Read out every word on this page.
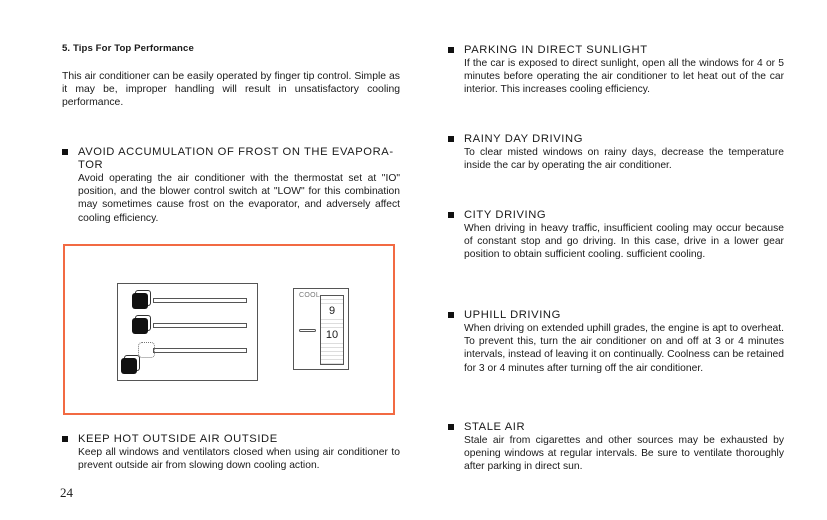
5. Tips For Top Performance
This air conditioner can be easily operated by finger tip control. Simple as it may be, improper handling will result in unsatisfactory cooling performance.
AVOID ACCUMULATION OF FROST ON THE EVAPORA-TOR
Avoid operating the air conditioner with the thermostat set at "IO" position, and the blower control switch at "LOW" for this combination may sometimes cause frost on the evaporator, and adversely affect cooling efficiency.
COOL
9
10
KEEP HOT OUTSIDE AIR OUTSIDE
Keep all windows and ventilators closed when using air conditioner to prevent outside air from slowing down cooling action.
24
PARKING IN DIRECT SUNLIGHT
If the car is exposed to direct sunlight, open all the windows for 4 or 5 minutes before operating the air conditioner to let heat out of the car interior. This increases cooling efficiency.
RAINY DAY DRIVING
To clear misted windows on rainy days, decrease the temperature inside the car by operating the air conditioner.
CITY DRIVING
When driving in heavy traffic, insufficient cooling may occur because of constant stop and go driving. In this case, drive in a lower gear position to obtain sufficient cooling. sufficient cooling.
UPHILL DRIVING
When driving on extended uphill grades, the engine is apt to overheat. To prevent this, turn the air conditioner on and off at 3 or 4 minutes intervals, instead of leaving it on continually. Coolness can be retained for 3 or 4 minutes after turning off the air conditioner.
STALE AIR
Stale air from cigarettes and other sources may be exhausted by opening windows at regular intervals. Be sure to ventilate thoroughly after parking in direct sun.
